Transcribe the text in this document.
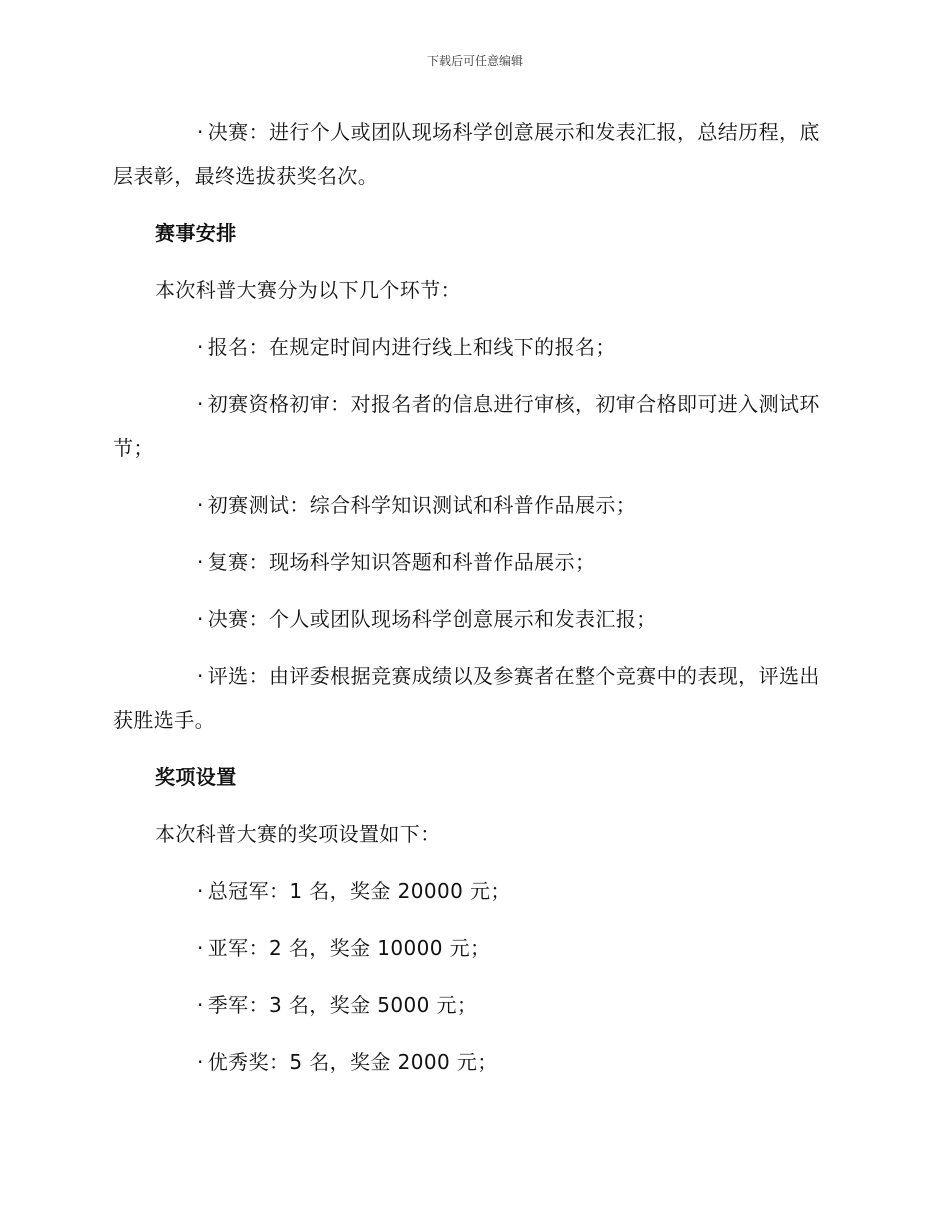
下载后可任意编辑

· 决赛：进行个人或团队现场科学创意展示和发表汇报，总结历程，底层表彰，最终选拔获奖名次。

赛事安排

本次科普大赛分为以下几个环节：

· 报名：在规定时间内进行线上和线下的报名；

· 初赛资格初审：对报名者的信息进行审核，初审合格即可进入测试环节；

· 初赛测试：综合科学知识测试和科普作品展示；

· 复赛：现场科学知识答题和科普作品展示；

· 决赛：个人或团队现场科学创意展示和发表汇报；

· 评选：由评委根据竞赛成绩以及参赛者在整个竞赛中的表现，评选出获胜选手。

奖项设置

本次科普大赛的奖项设置如下：

· 总冠军：1 名，奖金 20000 元；

· 亚军：2 名，奖金 10000 元；

· 季军：3 名，奖金 5000 元；

· 优秀奖：5 名，奖金 2000 元；
